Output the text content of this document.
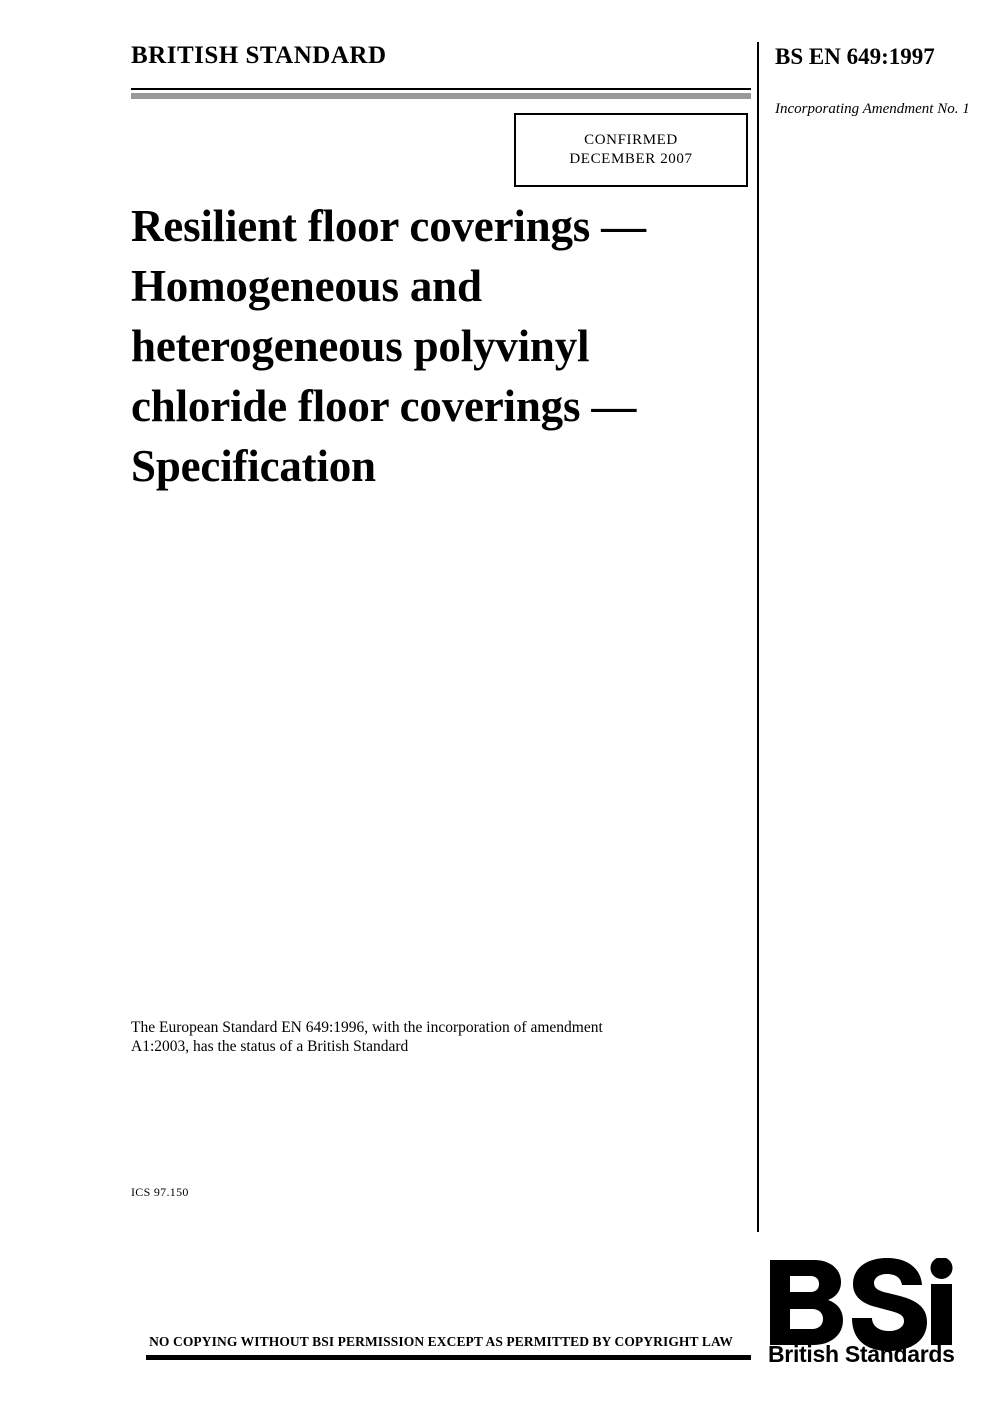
BRITISH STANDARD	BS EN 649:1997
Incorporating Amendment No. 1
CONFIRMED
DECEMBER 2007
Resilient floor coverings — Homogeneous and heterogeneous polyvinyl chloride floor coverings — Specification
The European Standard EN 649:1996, with the incorporation of amendment A1:2003, has the status of a British Standard
ICS 97.150
NO COPYING WITHOUT BSI PERMISSION EXCEPT AS PERMITTED BY COPYRIGHT LAW	British Standards
